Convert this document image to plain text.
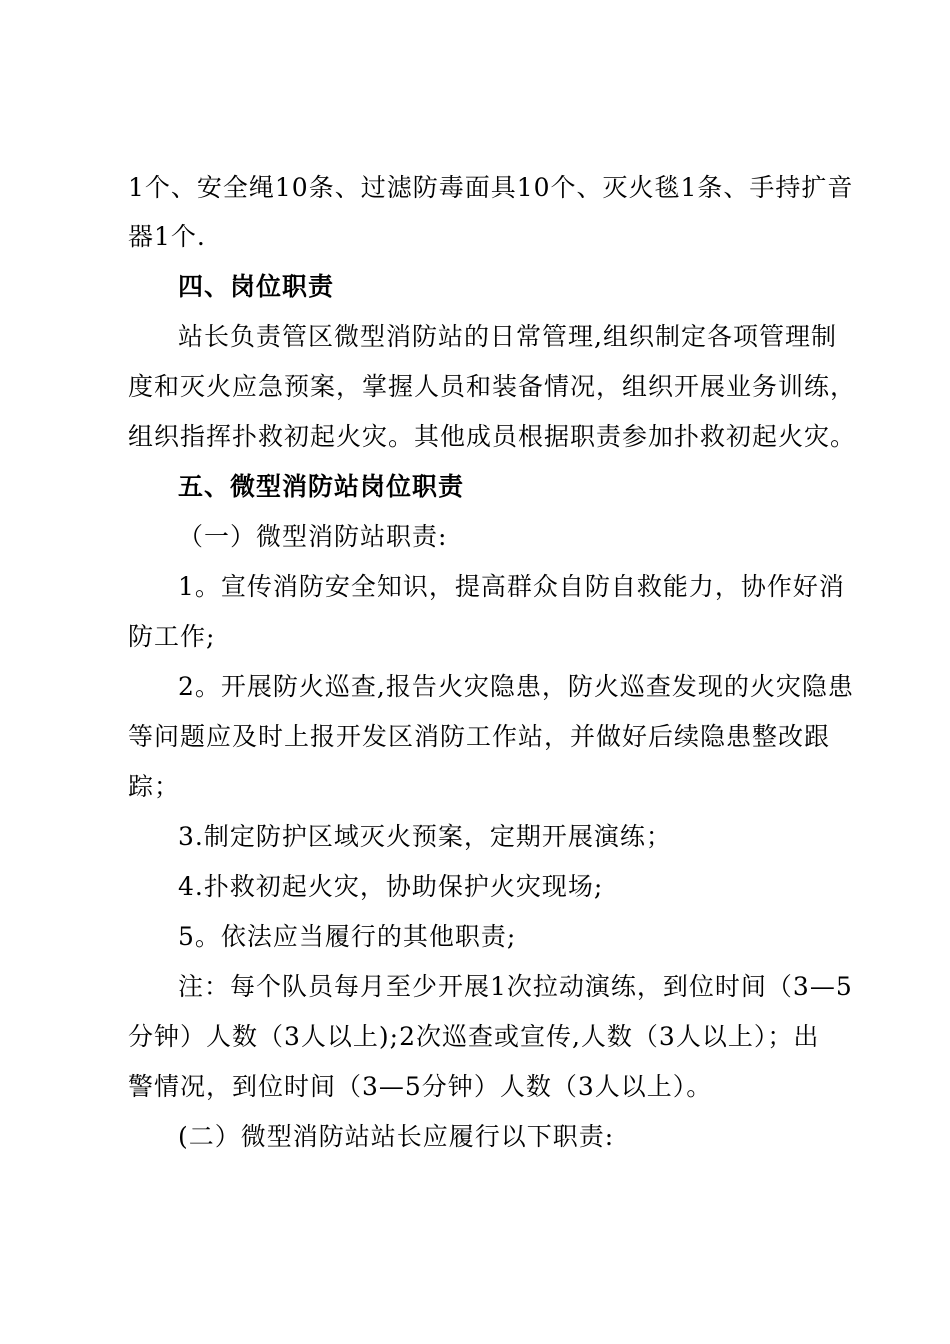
1个、安全绳10条、过滤防毒面具10个、灭火毯1条、手持扩音
器1个.
四、岗位职责
站长负责管区微型消防站的日常管理,组织制定各项管理制
度和灭火应急预案，掌握人员和装备情况，组织开展业务训练，
组织指挥扑救初起火灾。其他成员根据职责参加扑救初起火灾。
五、微型消防站岗位职责
（一）微型消防站职责:
1。宣传消防安全知识，提高群众自防自救能力，协作好消
防工作;
2。开展防火巡查,报告火灾隐患，防火巡查发现的火灾隐患
等问题应及时上报开发区消防工作站，并做好后续隐患整改跟
踪；
3.制定防护区域灭火预案，定期开展演练；
4.扑救初起火灾，协助保护火灾现场;
5。依法应当履行的其他职责;
注：每个队员每月至少开展1次拉动演练，到位时间（3—5
分钟）人数（3人以上);2次巡查或宣传,人数（3人以上）；出
警情况，到位时间（3—5分钟）人数（3人以上）。
(二）微型消防站站长应履行以下职责:
